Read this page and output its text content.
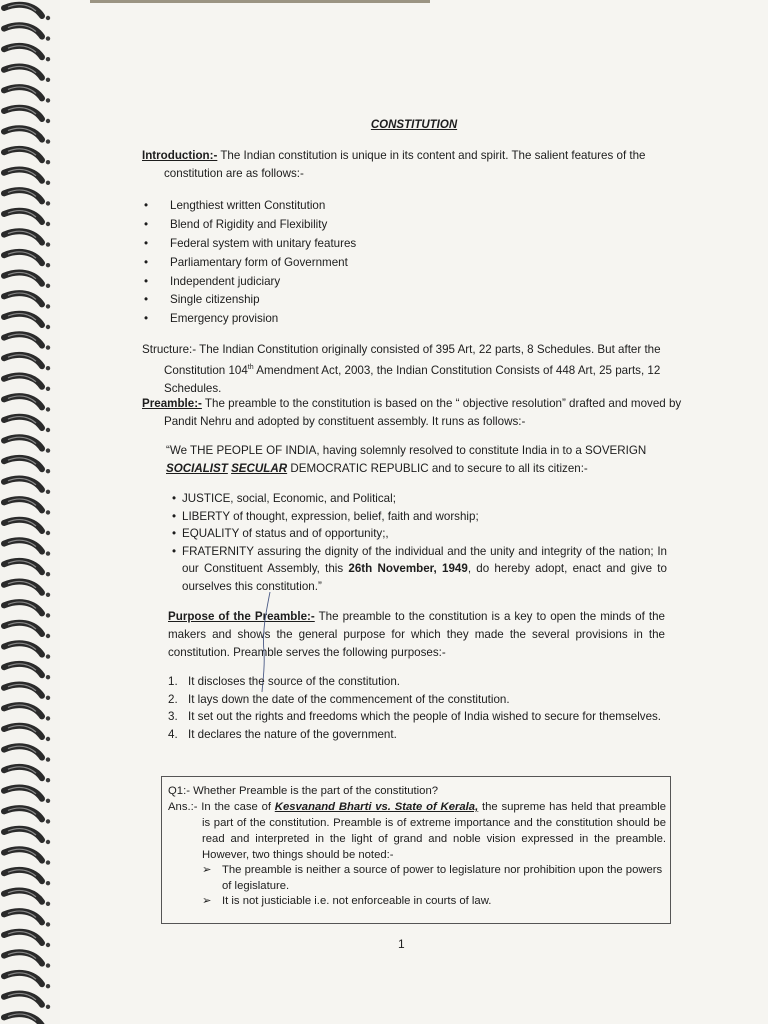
CONSTITUTION
Introduction:- The Indian constitution is unique in its content and spirit. The salient features of the constitution are as follows:-
• Lengthiest written Constitution
• Blend of Rigidity and Flexibility
• Federal system with unitary features
• Parliamentary form of Government
• Independent judiciary
• Single citizenship
• Emergency provision
Structure:- The Indian Constitution originally consisted of 395 Art, 22 parts, 8 Schedules. But after the Constitution 104th Amendment Act, 2003, the Indian Constitution Consists of 448 Art, 25 parts, 12 Schedules.
Preamble:- The preamble to the constitution is based on the “ objective resolution” drafted and moved by Pandit Nehru and adopted by constituent assembly. It runs as follows:-
“We THE PEOPLE OF INDIA, having solemnly resolved to constitute India in to a SOVERIGN SOCIALIST SECULAR DEMOCRATIC REPUBLIC and to secure to all its citizen:-
• JUSTICE, social, Economic, and Political;
• LIBERTY of thought, expression, belief, faith and worship;
• EQUALITY of status and of opportunity;,
• FRATERNITY assuring the dignity of the individual and the unity and integrity of the nation; In our Constituent Assembly, this 26th November, 1949, do hereby adopt, enact and give to ourselves this constitution.”
Purpose of the Preamble:- The preamble to the constitution is a key to open the minds of the makers and shows the general purpose for which they made the several provisions in the constitution. Preamble serves the following purposes:-
1. It discloses the source of the constitution.
2. It lays down the date of the commencement of the constitution.
3. It set out the rights and freedoms which the people of India wished to secure for themselves.
4. It declares the nature of the government.
Q1:- Whether Preamble is the part of the constitution?
Ans.:- In the case of Kesvanand Bharti vs. State of Kerala, the supreme has held that preamble is part of the constitution. Preamble is of extreme importance and the constitution should be read and interpreted in the light of grand and noble vision expressed in the preamble. However, two things should be noted:-
➢ The preamble is neither a source of power to legislature nor prohibition upon the powers of legislature.
➢ It is not justiciable i.e. not enforceable in courts of law.
1
